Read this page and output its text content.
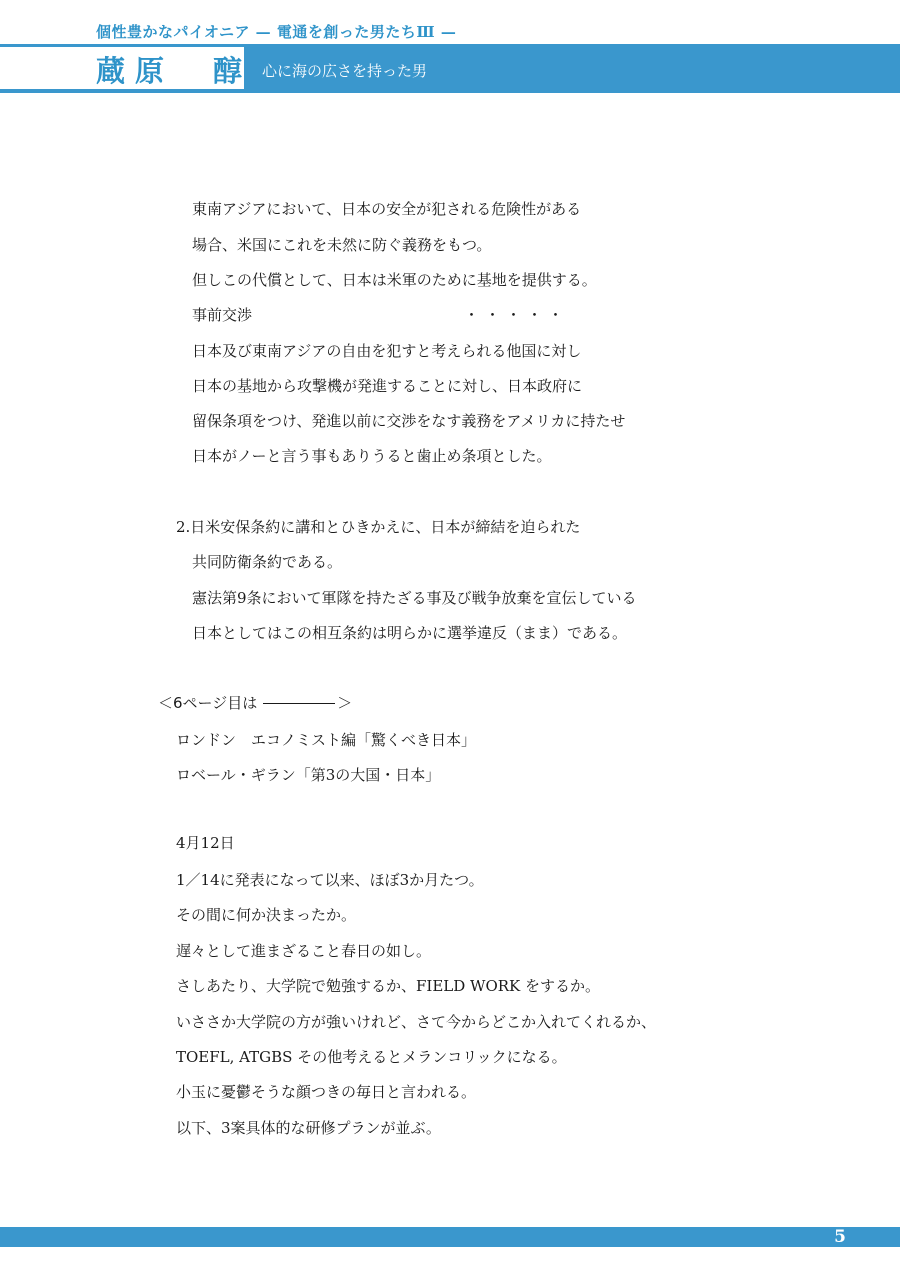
個性豊かなパイオニア — 電通を創った男たちⅢ —
蔵原　醇 心に海の広さを持った男
東南アジアにおいて、日本の安全が犯される危険性がある
場合、米国にこれを未然に防ぐ義務をもつ。
但しこの代償として、日本は米軍のために基地を提供する。
事前交渉	・・・・・
日本及び東南アジアの自由を犯すと考えられる他国に対し
日本の基地から攻撃機が発進することに対し、日本政府に
留保条項をつけ、発進以前に交渉をなす義務をアメリカに持たせ
日本がノーと言う事もありうると歯止め条項とした。
2.日米安保条約に講和とひきかえに、日本が締結を迫られた
共同防衛条約である。
憲法第9条において軍隊を持たざる事及び戦争放棄を宣伝している
日本としてはこの相互条約は明らかに選挙違反（まま）である。
＜6ページ目は	＞
ロンドン　エコノミスト編「驚くべき日本」
ロベール・ギラン「第3の大国・日本」
4月12日
1／14に発表になって以来、ほぼ3か月たつ。
その間に何か決まったか。
遅々として進まざること春日の如し。
さしあたり、大学院で勉強するか、FIELD WORK をするか。
いささか大学院の方が強いけれど、さて今からどこか入れてくれるか、
TOEFL, ATGBS その他考えるとメランコリックになる。
小玉に憂鬱そうな顔つきの毎日と言われる。
以下、3案具体的な研修プランが並ぶ。
5
